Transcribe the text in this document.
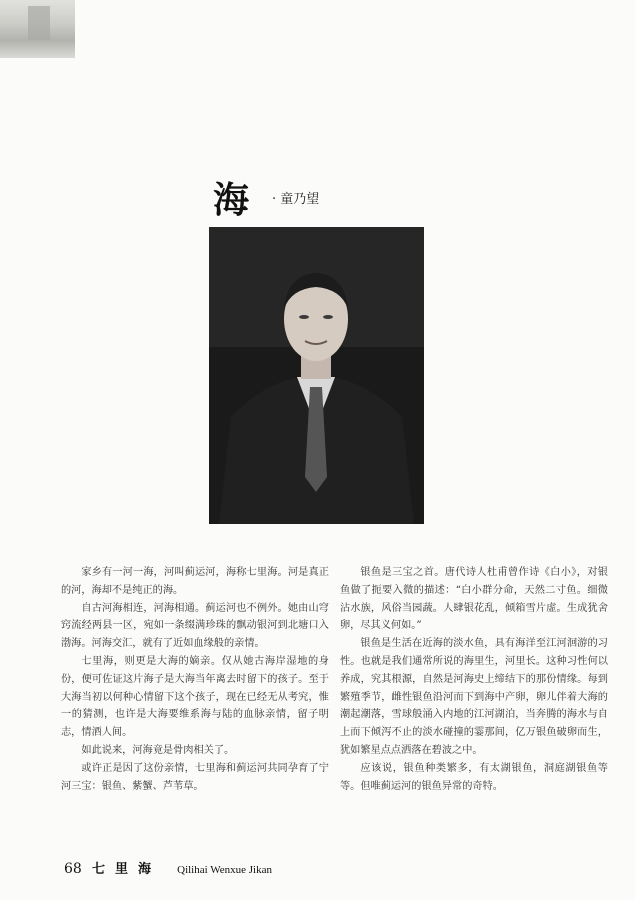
海 · 童乃望

家乡有一河一海，河叫蓟运河，海称七里海。河是真正的河，海却不是纯正的海。

自古河海相连，河海相通。蓟运河也不例外。她由山穹窍流经两县一区，宛如一条缀满珍珠的飘动银河到北塘口入渤海。河海交汇，就有了近如血缘般的亲情。

七里海，则更是大海的嫡亲。仅从她古海岸湿地的身份，便可佐证这片海子是大海当年离去时留下的孩子。至于大海当初以何种心情留下这个孩子，现在已经无从考究，惟一的猜测，也许是大海要维系海与陆的血脉亲情，留子明志，情酒人间。

如此说来，河海竟是骨肉相关了。

或许正是因了这份亲情，七里海和蓟运河共同孕育了宁河三宝：银鱼、紫蟹、芦苇草。

银鱼是三宝之首。唐代诗人杜甫曾作诗《白小》，对银鱼做了扼要入微的描述：“白小群分命，天然二寸鱼。细微沾水族，风俗当园蔬。人肆银花乱，倾箱雪片虚。生成犹舍卵，尽其义何如。”

银鱼是生活在近海的淡水鱼，具有海洋至江河洄游的习性。也就是我们通常所说的海里生，河里长。这种习性何以养成，究其根源，自然是河海史上缔结下的那份情缘。每到繁殖季节，雌性银鱼沿河而下到海中产卵，卵儿伴着大海的潮起潮落，雪球般涌入内地的江河湖泊，当奔腾的海水与自上而下倾泻不止的淡水碰撞的霎那间，亿万银鱼破卵而生，犹如繁星点点洒落在碧波之中。

应该说，银鱼种类繁多，有太湖银鱼，洞庭湖银鱼等等。但唯蓟运河的银鱼异常的奇特。

68 七里海 Qilihai Wenxue Jikan
